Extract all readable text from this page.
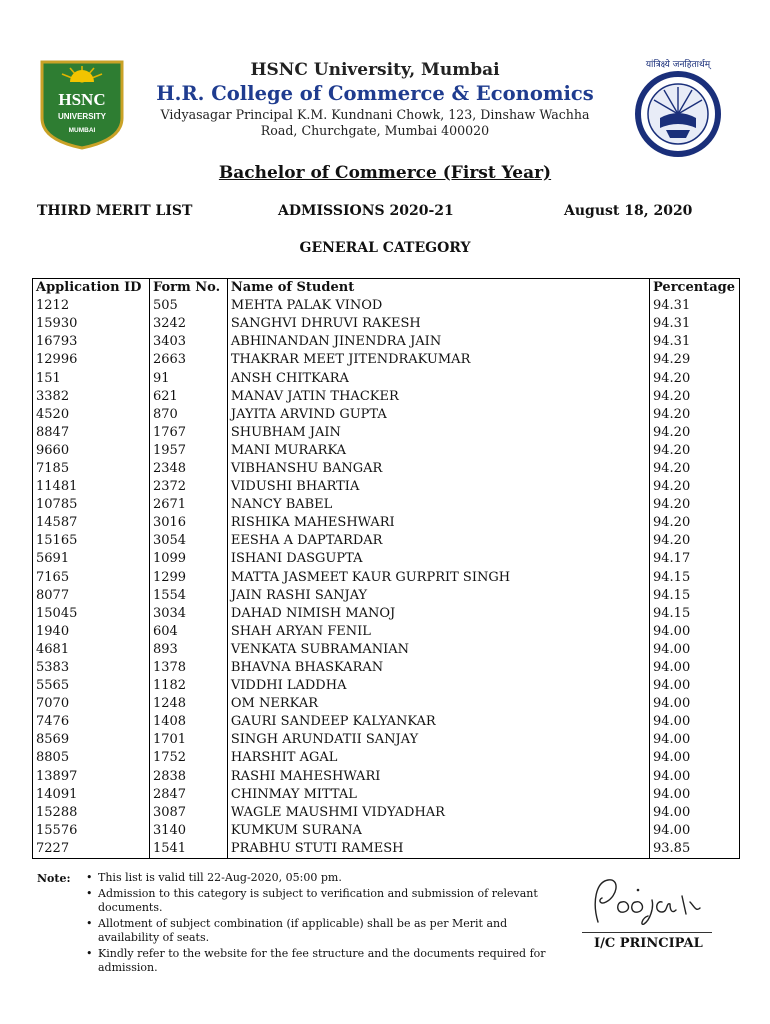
HSNC
UNIVERSITY
MUMBAI
यांत्रिक्ष्ये जनहितार्थम्
HSNC University, Mumbai
H.R. College of Commerce & Economics
Vidyasagar Principal K.M. Kundnani Chowk, 123, Dinshaw Wachha
Road, Churchgate, Mumbai 400020
Bachelor of Commerce (First Year)
THIRD MERIT LIST	ADMISSIONS 2020-21	August 18, 2020
GENERAL CATEGORY
Application ID	Form No.	Name of Student	Percentage
1212	505	MEHTA PALAK VINOD	94.31
15930	3242	SANGHVI DHRUVI RAKESH	94.31
16793	3403	ABHINANDAN JINENDRA JAIN	94.31
12996	2663	THAKRAR MEET JITENDRAKUMAR	94.29
151	91	ANSH CHITKARA	94.20
3382	621	MANAV JATIN THACKER	94.20
4520	870	JAYITA ARVIND GUPTA	94.20
8847	1767	SHUBHAM JAIN	94.20
9660	1957	MANI MURARKA	94.20
7185	2348	VIBHANSHU BANGAR	94.20
11481	2372	VIDUSHI BHARTIA	94.20
10785	2671	NANCY BABEL	94.20
14587	3016	RISHIKA MAHESHWARI	94.20
15165	3054	EESHA A DAPTARDAR	94.20
5691	1099	ISHANI DASGUPTA	94.17
7165	1299	MATTA JASMEET KAUR GURPRIT SINGH	94.15
8077	1554	JAIN RASHI SANJAY	94.15
15045	3034	DAHAD NIMISH MANOJ	94.15
1940	604	SHAH ARYAN FENIL	94.00
4681	893	VENKATA SUBRAMANIAN	94.00
5383	1378	BHAVNA BHASKARAN	94.00
5565	1182	VIDDHI LADDHA	94.00
7070	1248	OM NERKAR	94.00
7476	1408	GAURI SANDEEP KALYANKAR	94.00
8569	1701	SINGH ARUNDATII SANJAY	94.00
8805	1752	HARSHIT AGAL	94.00
13897	2838	RASHI MAHESHWARI	94.00
14091	2847	CHINMAY MITTAL	94.00
15288	3087	WAGLE MAUSHMI VIDYADHAR	94.00
15576	3140	KUMKUM SURANA	94.00
7227	1541	PRABHU STUTI RAMESH	93.85
Note: • This list is valid till 22-Aug-2020, 05:00 pm.
• Admission to this category is subject to verification and submission of relevant documents.
• Allotment of subject combination (if applicable) shall be as per Merit and availability of seats.
• Kindly refer to the website for the fee structure and the documents required for admission.
I/C PRINCIPAL
